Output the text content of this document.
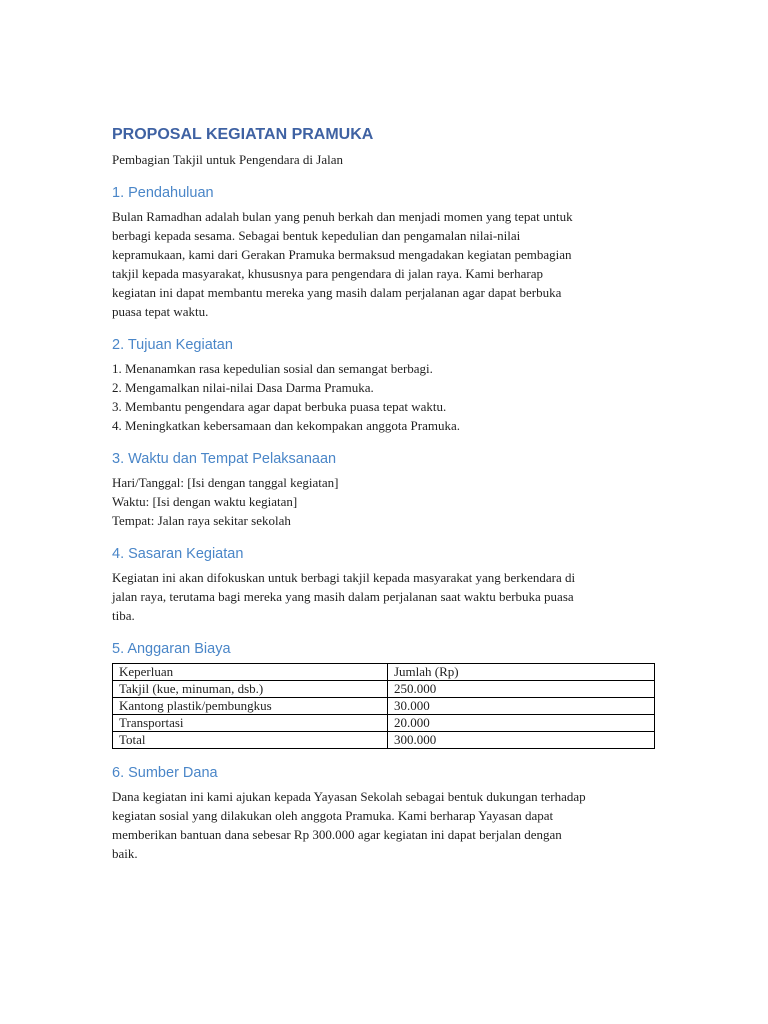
PROPOSAL KEGIATAN PRAMUKA

Pembagian Takjil untuk Pengendara di Jalan

1. Pendahuluan

Bulan Ramadhan adalah bulan yang penuh berkah dan menjadi momen yang tepat untuk

berbagi kepada sesama. Sebagai bentuk kepedulian dan pengamalan nilai-nilai

kepramukaan, kami dari Gerakan Pramuka bermaksud mengadakan kegiatan pembagian

takjil kepada masyarakat, khususnya para pengendara di jalan raya. Kami berharap

kegiatan ini dapat membantu mereka yang masih dalam perjalanan agar dapat berbuka

puasa tepat waktu.

2. Tujuan Kegiatan

1. Menanamkan rasa kepedulian sosial dan semangat berbagi.

2. Mengamalkan nilai-nilai Dasa Darma Pramuka.

3. Membantu pengendara agar dapat berbuka puasa tepat waktu.

4. Meningkatkan kebersamaan dan kekompakan anggota Pramuka.

3. Waktu dan Tempat Pelaksanaan

Hari/Tanggal: [Isi dengan tanggal kegiatan]

Waktu: [Isi dengan waktu kegiatan]

Tempat: Jalan raya sekitar sekolah

4. Sasaran Kegiatan

Kegiatan ini akan difokuskan untuk berbagi takjil kepada masyarakat yang berkendara di

jalan raya, terutama bagi mereka yang masih dalam perjalanan saat waktu berbuka puasa

tiba.

5. Anggaran Biaya
Keperluan	Jumlah (Rp)
Takjil (kue, minuman, dsb.)	250.000
Kantong plastik/pembungkus	30.000
Transportasi	20.000
Total	300.000
6. Sumber Dana

Dana kegiatan ini kami ajukan kepada Yayasan Sekolah sebagai bentuk dukungan terhadap

kegiatan sosial yang dilakukan oleh anggota Pramuka. Kami berharap Yayasan dapat

memberikan bantuan dana sebesar Rp 300.000 agar kegiatan ini dapat berjalan dengan

baik.
